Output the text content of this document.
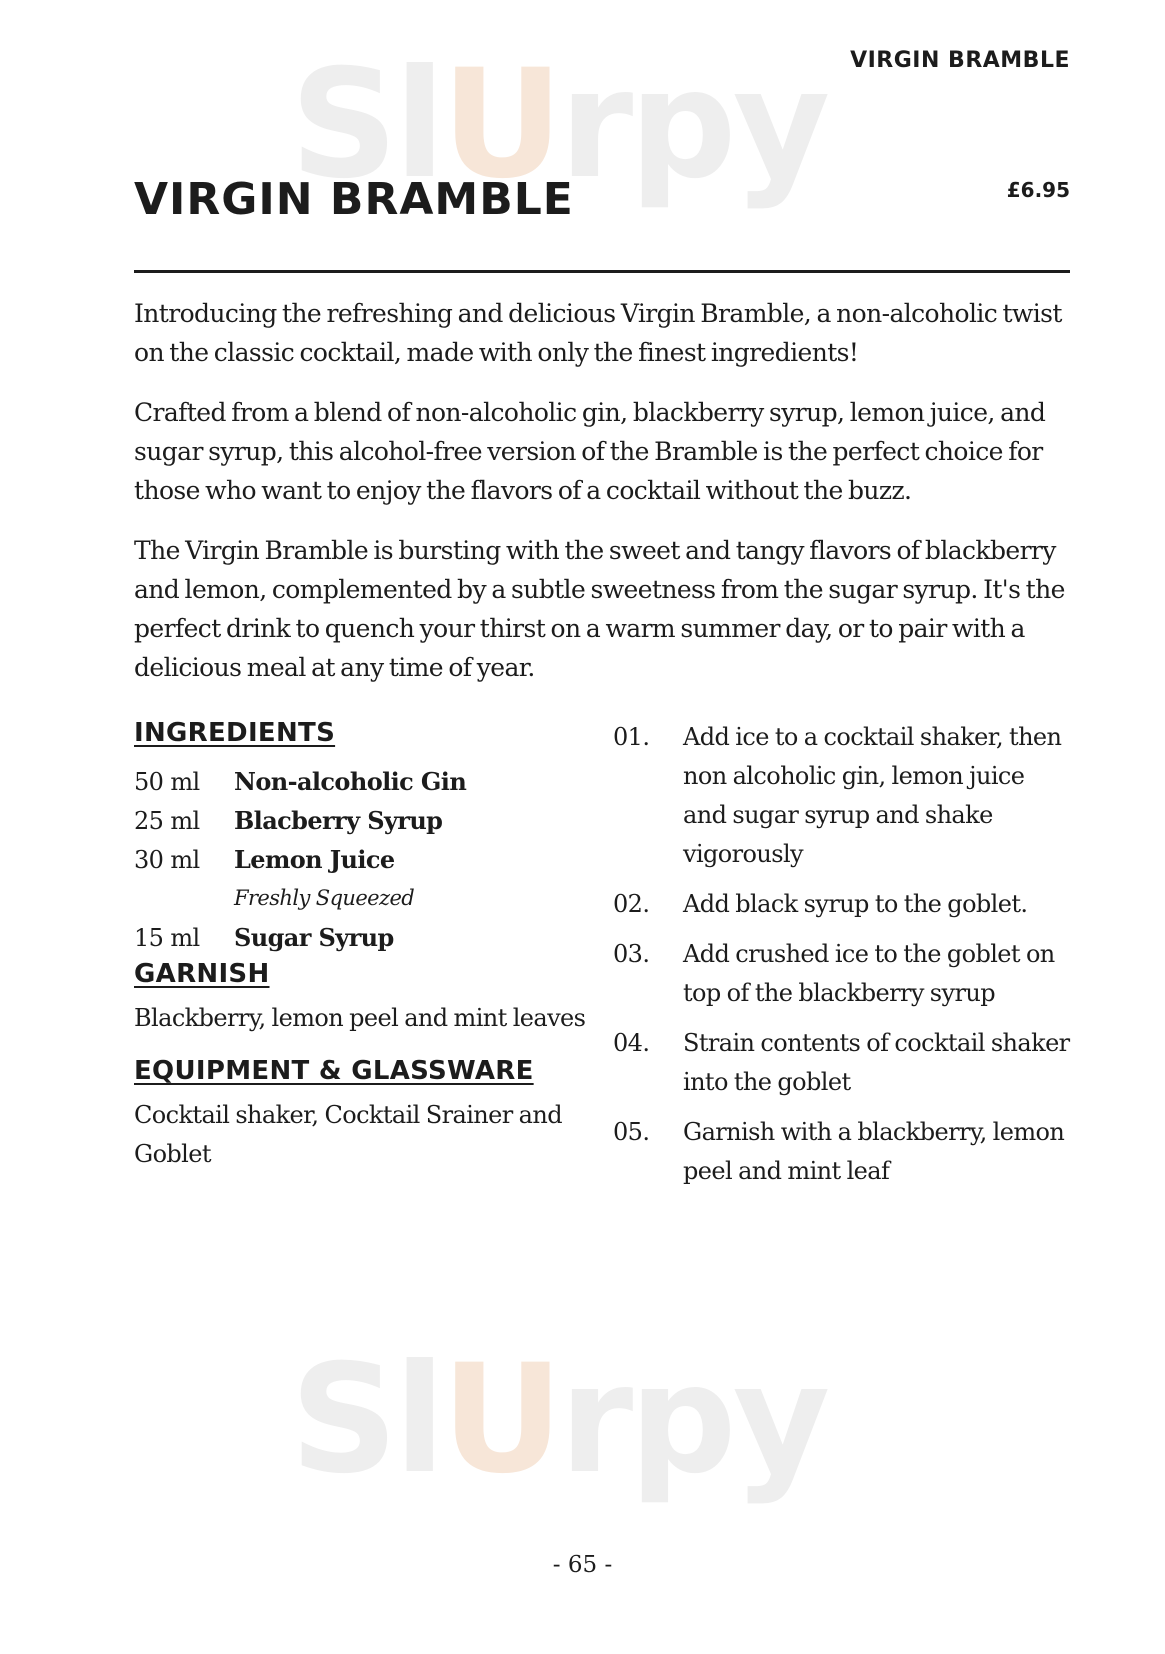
SlUrpy
SlUrpy
VIRGIN BRAMBLE
VIRGIN BRAMBLE	£6.95

Introducing the refreshing and delicious Virgin Bramble, a non-alcoholic twist on the classic cocktail, made with only the finest ingredients!

Crafted from a blend of non-alcoholic gin, blackberry syrup, lemon juice, and sugar syrup, this alcohol-free version of the Bramble is the perfect choice for those who want to enjoy the flavors of a cocktail without the buzz.

The Virgin Bramble is bursting with the sweet and tangy flavors of blackberry and lemon, complemented by a subtle sweetness from the sugar syrup. It's the perfect drink to quench your thirst on a warm summer day, or to pair with a delicious meal at any time of year.

INGREDIENTS
50 ml	Non-alcoholic Gin
25 ml	Blacberry Syrup
30 ml	Lemon Juice
Freshly Squeezed
15 ml	Sugar Syrup
GARNISH
Blackberry, lemon peel and mint leaves
EQUIPMENT & GLASSWARE
Cocktail shaker, Cocktail Srainer and Goblet
01.	Add ice to a cocktail shaker, then non alcoholic gin, lemon juice and sugar syrup and shake vigorously
02.	Add black syrup to the goblet.
03.	Add crushed ice to the goblet on top of the blackberry syrup
04.	Strain contents of cocktail shaker into the goblet
05.	Garnish with a blackberry, lemon peel and mint leaf
- 65 -
